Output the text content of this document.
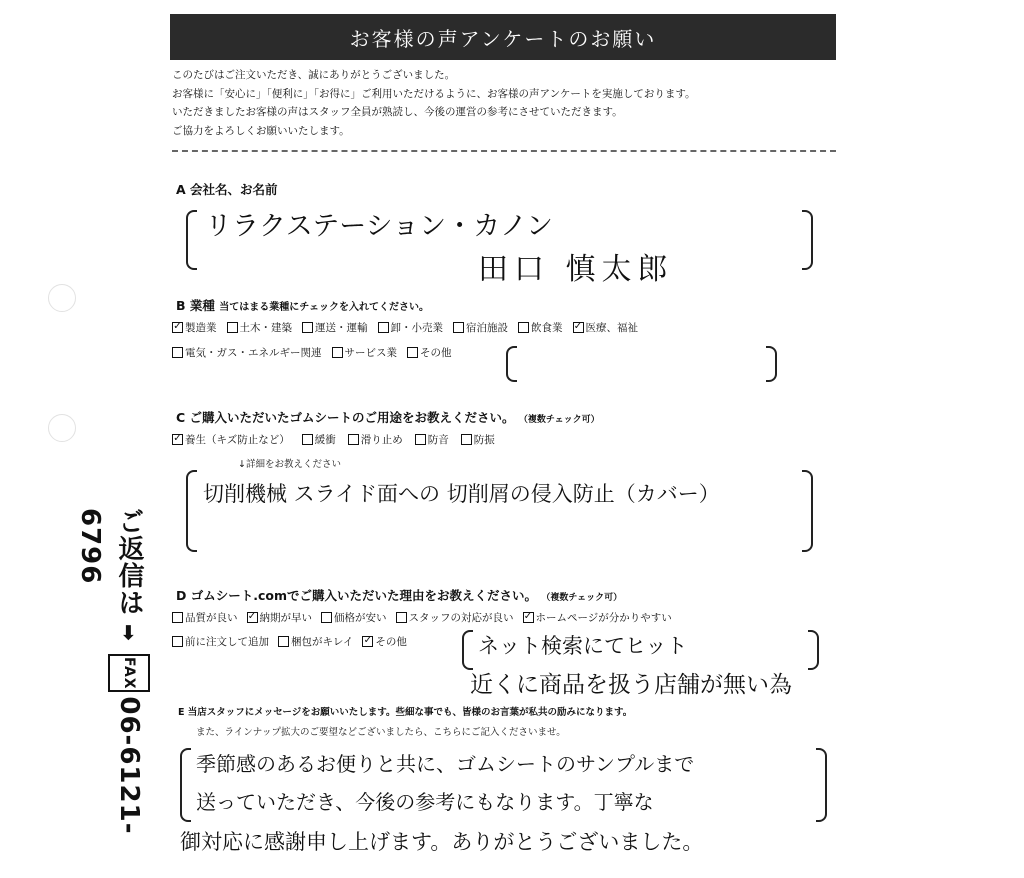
お客様の声アンケートのお願い
このたびはご注文いただき、誠にありがとうございました。
お客様に「安心に」「便利に」「お得に」ご利用いただけるように、お客様の声アンケートを実施しております。
いただきましたお客様の声はスタッフ全員が熟読し、今後の運営の参考にさせていただきます。
ご協力をよろしくお願いいたします。
A 会社名、お名前
リラクステーション・カノン
田口 慎太郎
B 業種 当てはまる業種にチェックを入れてください。
✓
製造業 土木・建築 運送・運輸 卸・小売業 宿泊施設 飲食業 ✓ 医療、福祉
電気・ガス・エネルギー関連 サービス業 その他
C ご購入いただいたゴムシートのご用途をお教えください。 （複数チェック可）
✓
養生（キズ防止など） 緩衝 滑り止め 防音 防振
↓詳細をお教えください
切削機械 スライド面への 切削屑の侵入防止（カバー）
D ゴムシート.comでご購入いただいた理由をお教えください。 （複数チェック可）
品質が良い ✓ 納期が早い 価格が安い スタッフの対応が良い ✓ ホームページが分かりやすい
前に注文して追加 梱包がキレイ ✓ その他	ネット検索にてヒット
近くに商品を扱う店舗が無い為
E 当店スタッフにメッセージをお願いいたします。些細な事でも、皆様のお言葉が私共の励みになります。
また、ラインナップ拡大のご要望などございましたら、こちらにご記入くださいませ。
季節感のあるお便りと共に、ゴムシートのサンプルまで
送っていただき、今後の参考にもなります。丁寧な
御対応に感謝申し上げます。ありがとうございました。
ご返信は➡FAX06-6121-6796
